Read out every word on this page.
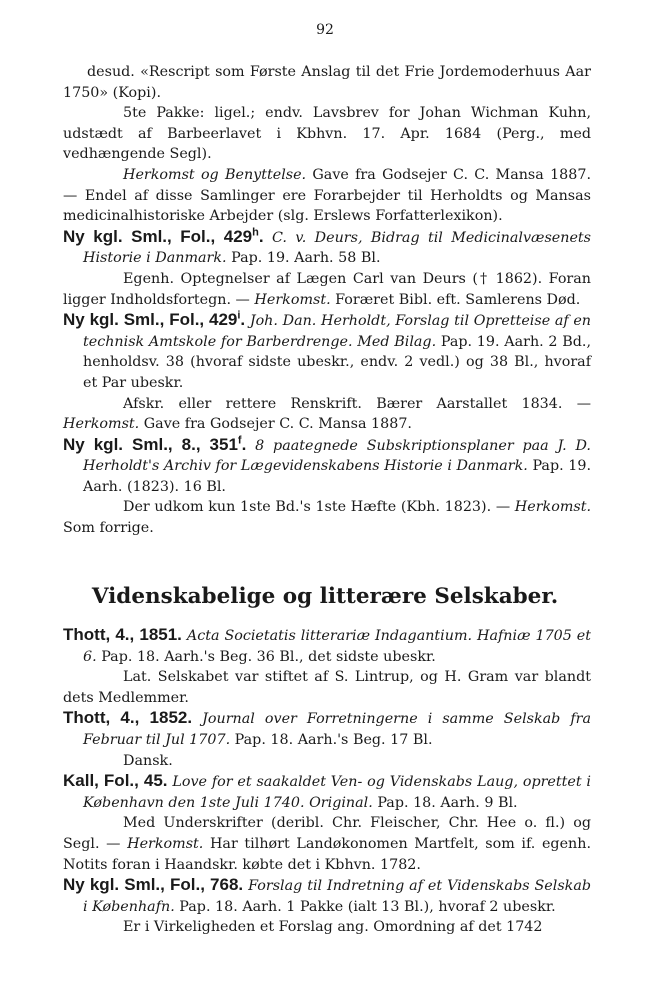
92

desud. «Rescript som Første Anslag til det Frie Jordemoderhuus Aar 1750» (Kopi).

5te Pakke: ligel.; endv. Lavsbrev for Johan Wichman Kuhn, udstædt af Barbeerlavet i Kbhvn. 17. Apr. 1684 (Perg., med vedhængende Segl).

Herkomst og Benyttelse. Gave fra Godsejer C. C. Mansa 1887. — Endel af disse Samlinger ere Forarbejder til Herholdts og Mansas medicinalhistoriske Arbejder (slg. Erslews Forfatterlexikon).

Ny kgl. Sml., Fol., 429$^h$. C. v. Deurs, Bidrag til Medicinalvæsenets Historie i Danmark. Pap. 19. Aarh. 58 Bl.

Egenh. Optegnelser af Lægen Carl van Deurs († 1862). Foran ligger Indholdsfortegn. — Herkomst. Foræret Bibl. eft. Samlerens Død.

Ny kgl. Sml., Fol., 429$^i$. Joh. Dan. Herholdt, Forslag til Opretteise af en technisk Amtskole for Barberdrenge. Med Bilag. Pap. 19. Aarh. 2 Bd., henholdsv. 38 (hvoraf sidste ubeskr., endv. 2 vedl.) og 38 Bl., hvoraf et Par ubeskr.

Afskr. eller rettere Renskrift. Bærer Aarstallet 1834. — Herkomst. Gave fra Godsejer C. C. Mansa 1887.

Ny kgl. Sml., 8., 351$^f$. 8 paategnede Subskriptionsplaner paa J. D. Herholdt's Archiv for Lægevidenskabens Historie i Danmark. Pap. 19. Aarh. (1823). 16 Bl.

Der udkom kun 1ste Bd.'s 1ste Hæfte (Kbh. 1823). — Herkomst. Som forrige.

Videnskabelige og litterære Selskaber.

Thott, 4., 1851. Acta Societatis litterariæ Indagantium. Hafniæ 1705 et 6. Pap. 18. Aarh.'s Beg. 36 Bl., det sidste ubeskr.

Lat. Selskabet var stiftet af S. Lintrup, og H. Gram var blandt dets Medlemmer.

Thott, 4., 1852. Journal over Forretningerne i samme Selskab fra Februar til Jul 1707. Pap. 18. Aarh.'s Beg. 17 Bl.

Dansk.

Kall, Fol., 45. Love for et saakaldet Ven- og Videnskabs Laug, oprettet i København den 1ste Juli 1740. Original. Pap. 18. Aarh. 9 Bl.

Med Underskrifter (deribl. Chr. Fleischer, Chr. Hee o. fl.) og Segl. — Herkomst. Har tilhørt Landøkonomen Martfelt, som if. egenh. Notits foran i Haandskr. købte det i Kbhvn. 1782.

Ny kgl. Sml., Fol., 768. Forslag til Indretning af et Videnskabs Selskab i Københafn. Pap. 18. Aarh. 1 Pakke (ialt 13 Bl.), hvoraf 2 ubeskr.

Er i Virkeligheden et Forslag ang. Omordning af det 1742
